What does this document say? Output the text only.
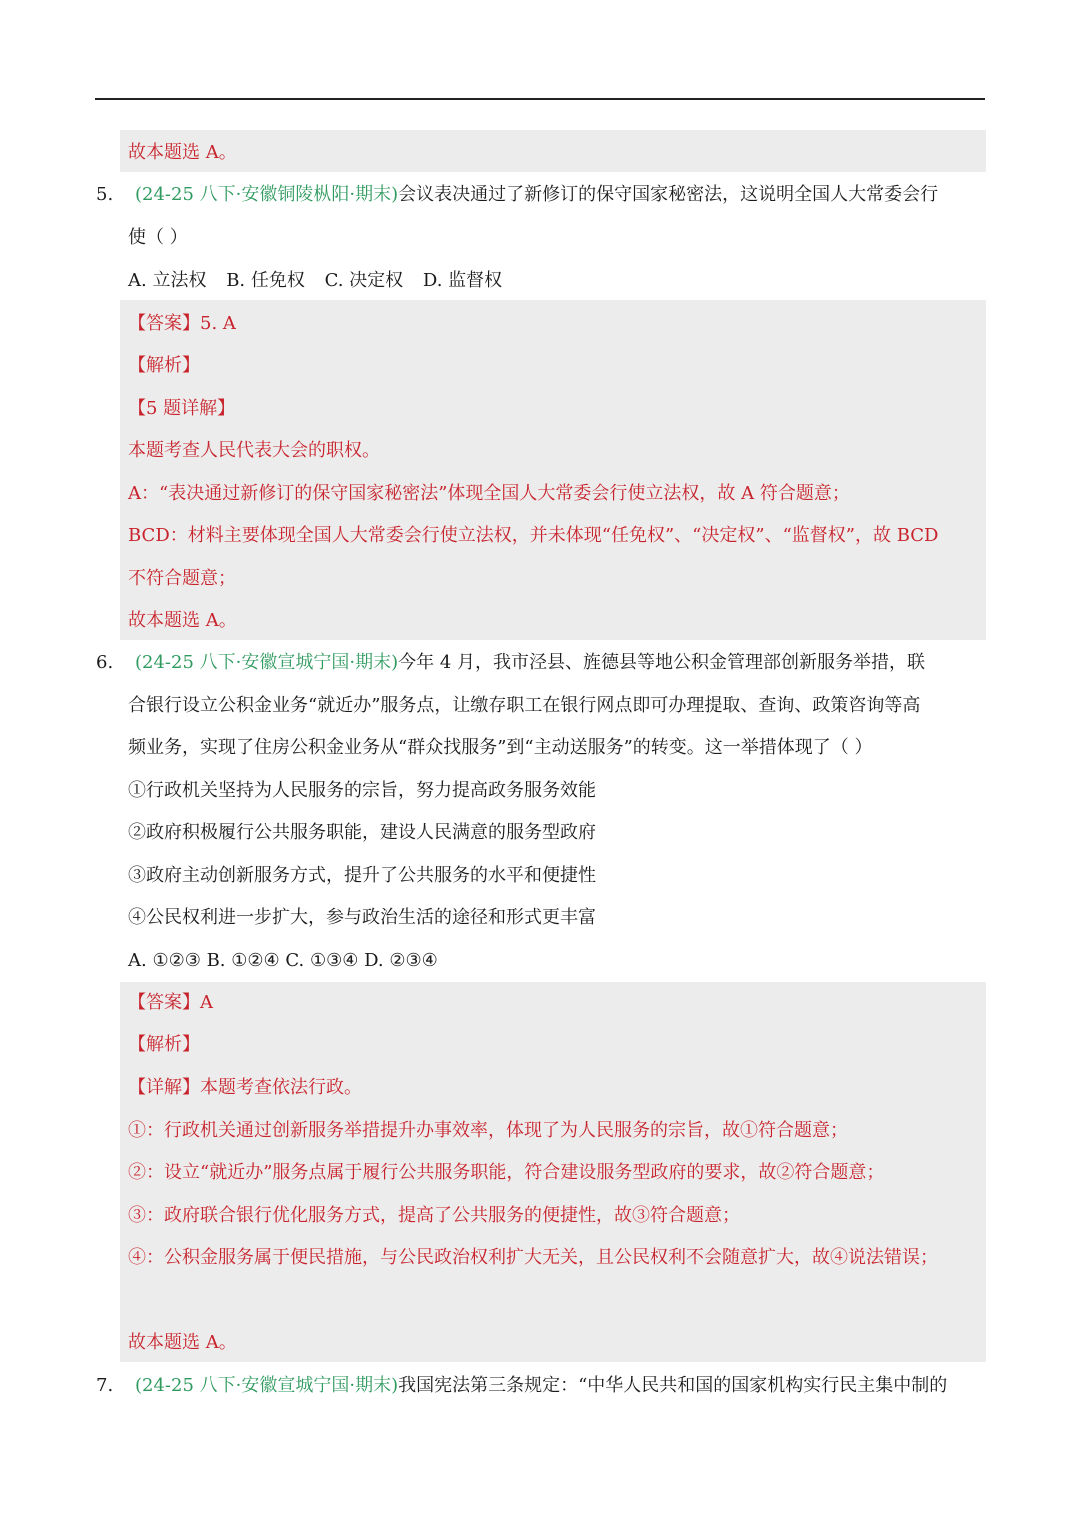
故本题选 A。
5. (24-25 八下·安徽铜陵枞阳·期末)会议表决通过了新修订的保守国家秘密法，这说明全国人大常委会行
使（ ）
A. 立法权 B. 任免权 C. 决定权 D. 监督权
【答案】5. A
【解析】
【5 题详解】
本题考查人民代表大会的职权。
A：“表决通过新修订的保守国家秘密法”体现全国人大常委会行使立法权，故 A 符合题意；
BCD：材料主要体现全国人大常委会行使立法权，并未体现“任免权”、“决定权”、“监督权”，故 BCD
不符合题意；
故本题选 A。
6. (24-25 八下·安徽宣城宁国·期末)今年 4 月，我市泾县、旌德县等地公积金管理部创新服务举措，联
合银行设立公积金业务“就近办”服务点，让缴存职工在银行网点即可办理提取、查询、政策咨询等高
频业务，实现了住房公积金业务从“群众找服务”到“主动送服务”的转变。这一举措体现了（ ）
①行政机关坚持为人民服务的宗旨，努力提高政务服务效能
②政府积极履行公共服务职能，建设人民满意的服务型政府
③政府主动创新服务方式，提升了公共服务的水平和便捷性
④公民权利进一步扩大，参与政治生活的途径和形式更丰富
A. ①②③ B. ①②④ C. ①③④ D. ②③④
【答案】A
【解析】
【详解】本题考查依法行政。
①：行政机关通过创新服务举措提升办事效率，体现了为人民服务的宗旨，故①符合题意；
②：设立“就近办”服务点属于履行公共服务职能，符合建设服务型政府的要求，故②符合题意；
③：政府联合银行优化服务方式，提高了公共服务的便捷性，故③符合题意；
④：公积金服务属于便民措施，与公民政治权利扩大无关，且公民权利不会随意扩大，故④说法错误；
故本题选 A。
7. (24-25 八下·安徽宣城宁国·期末)我国宪法第三条规定：“中华人民共和国的国家机构实行民主集中制的
